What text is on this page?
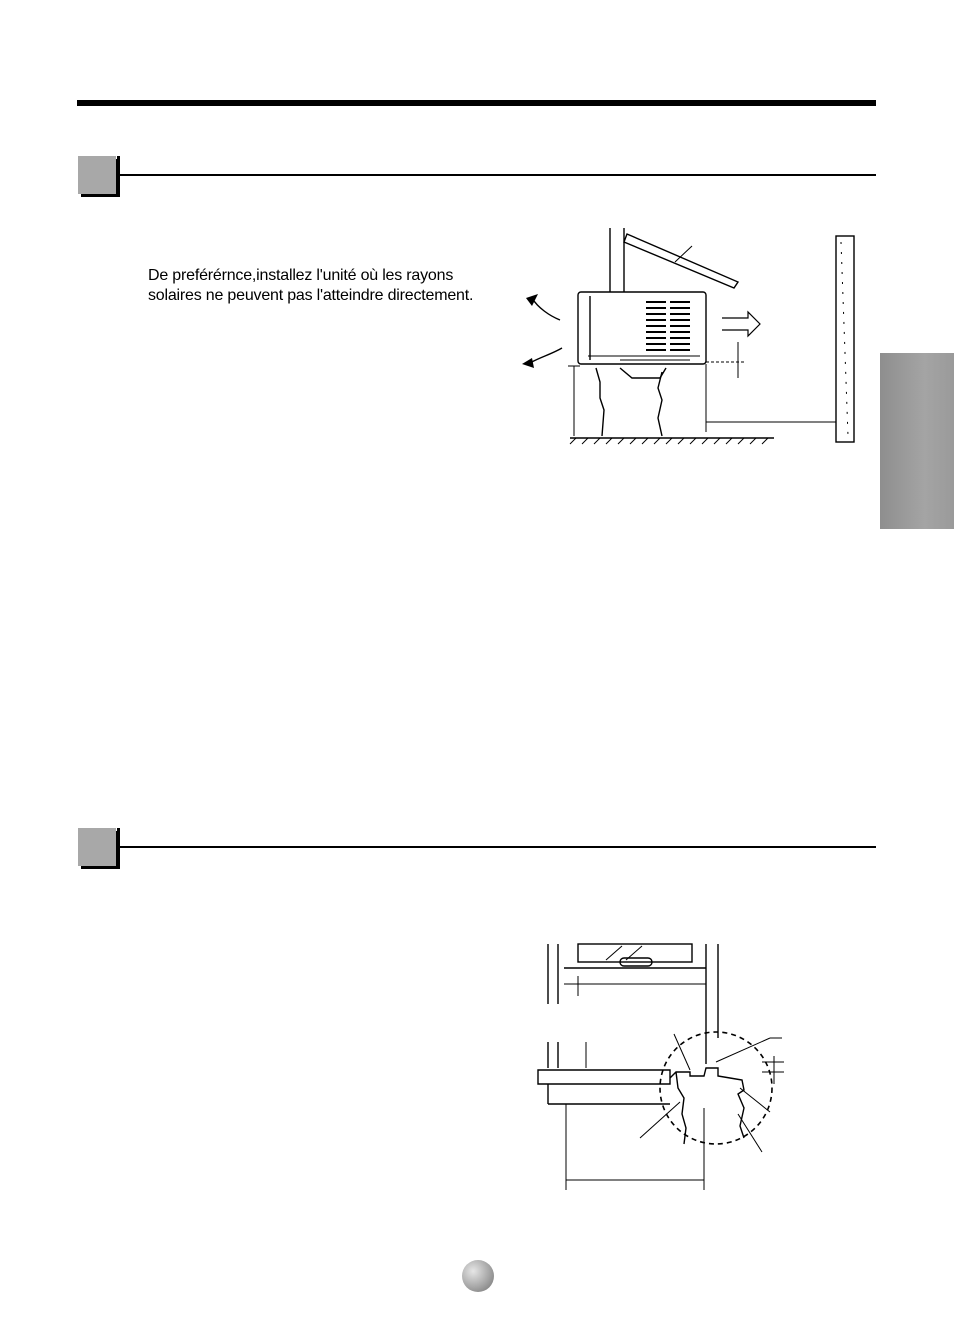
De preférérnce,installez l'unité où les rayons solaires ne peuvent pas l'atteindre directement.
